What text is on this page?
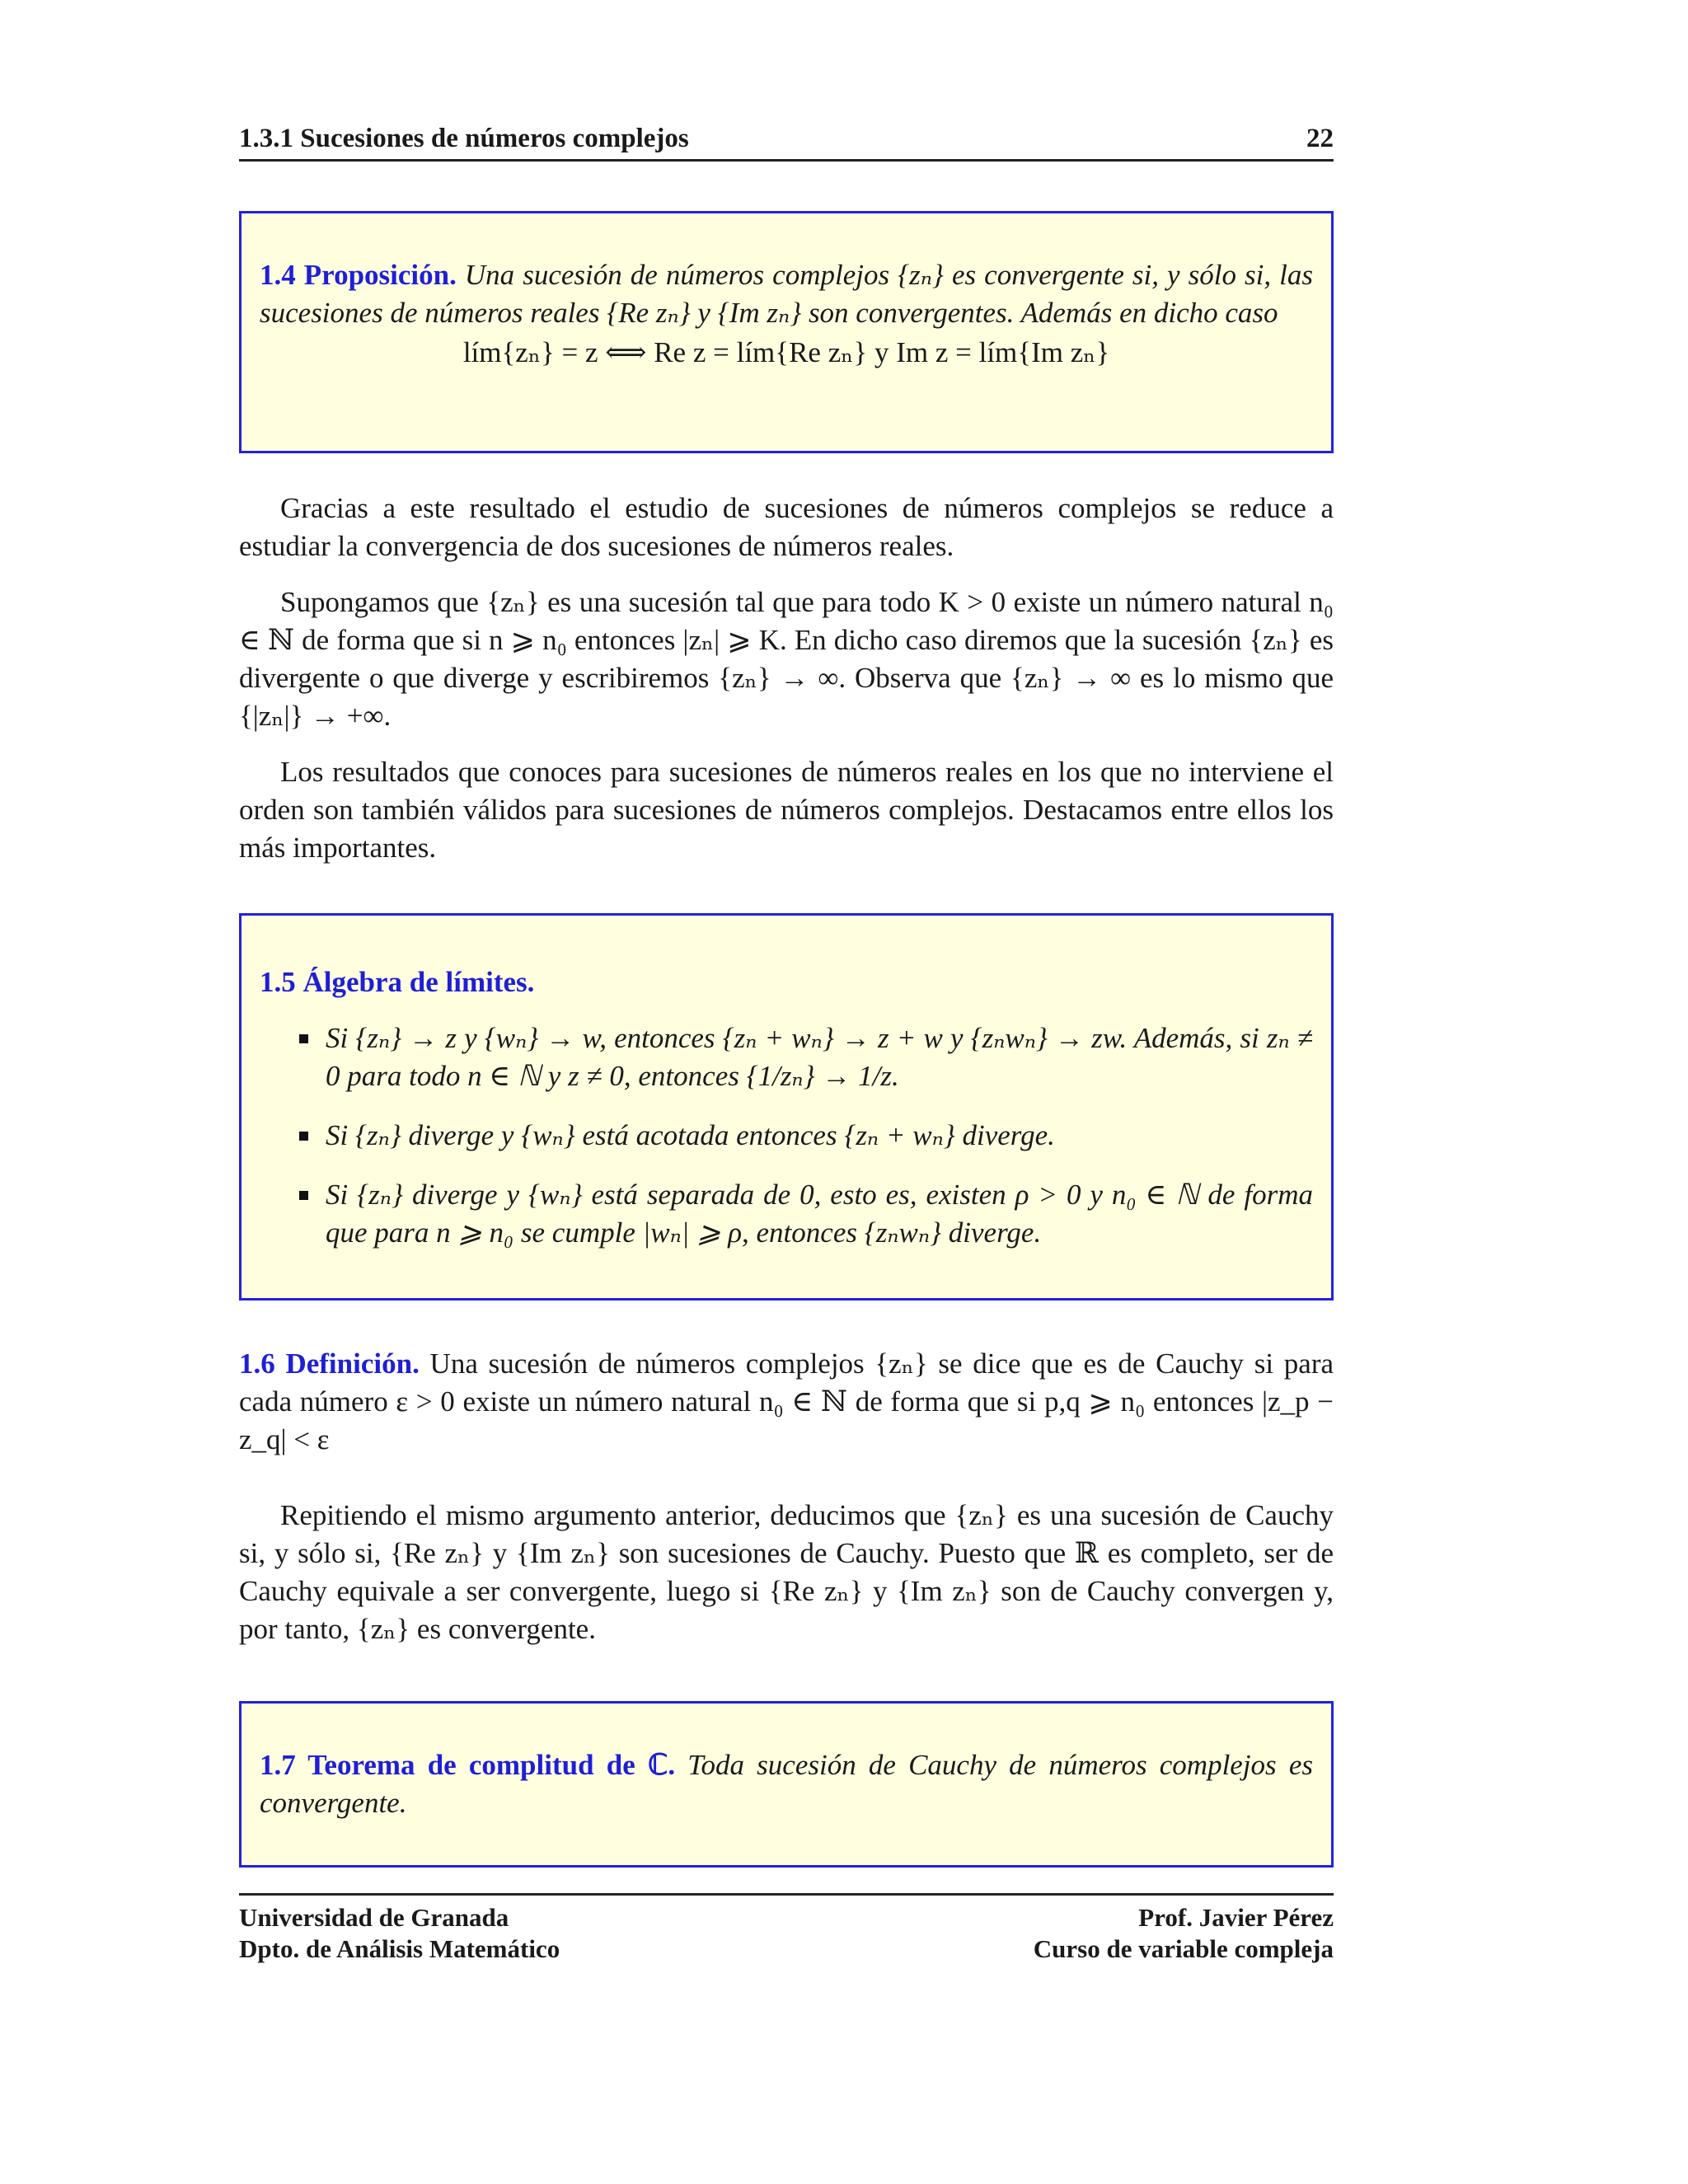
1.3.1 Sucesiones de números complejos	22

1.4 Proposición. Una sucesión de números complejos {zₙ} es convergente si, y sólo si, las sucesiones de números reales {Re zₙ} y {Im zₙ} son convergentes. Además en dicho caso

lím{zₙ} = z ⟺ Re z = lím{Re zₙ} y Im z = lím{Im zₙ}

Gracias a este resultado el estudio de sucesiones de números complejos se reduce a estudiar la convergencia de dos sucesiones de números reales.

Supongamos que {zₙ} es una sucesión tal que para todo K > 0 existe un número natural n₀ ∈ ℕ de forma que si n ⩾ n₀ entonces |zₙ| ⩾ K. En dicho caso diremos que la sucesión {zₙ} es divergente o que diverge y escribiremos {zₙ} → ∞. Observa que {zₙ} → ∞ es lo mismo que {|zₙ|} → +∞.

Los resultados que conoces para sucesiones de números reales en los que no interviene el orden son también válidos para sucesiones de números complejos. Destacamos entre ellos los más importantes.

1.5 Álgebra de límites.

Si {zₙ} → z y {wₙ} → w, entonces {zₙ + wₙ} → z + w y {zₙwₙ} → zw. Además, si zₙ ≠ 0 para todo n ∈ ℕ y z ≠ 0, entonces {1/zₙ} → 1/z.
Si {zₙ} diverge y {wₙ} está acotada entonces {zₙ + wₙ} diverge.
Si {zₙ} diverge y {wₙ} está separada de 0, esto es, existen ρ > 0 y n₀ ∈ ℕ de forma que para n ⩾ n₀ se cumple |wₙ| ⩾ ρ, entonces {zₙwₙ} diverge.

1.6 Definición. Una sucesión de números complejos {zₙ} se dice que es de Cauchy si para cada número ε > 0 existe un número natural n₀ ∈ ℕ de forma que si p,q ⩾ n₀ entonces |z_p − z_q| < ε

Repitiendo el mismo argumento anterior, deducimos que {zₙ} es una sucesión de Cauchy si, y sólo si, {Re zₙ} y {Im zₙ} son sucesiones de Cauchy. Puesto que ℝ es completo, ser de Cauchy equivale a ser convergente, luego si {Re zₙ} y {Im zₙ} son de Cauchy convergen y, por tanto, {zₙ} es convergente.

1.7 Teorema de complitud de ℂ. Toda sucesión de Cauchy de números complejos es convergente.

Universidad de Granada
Dpto. de Análisis Matemático
Prof. Javier Pérez
Curso de variable compleja
